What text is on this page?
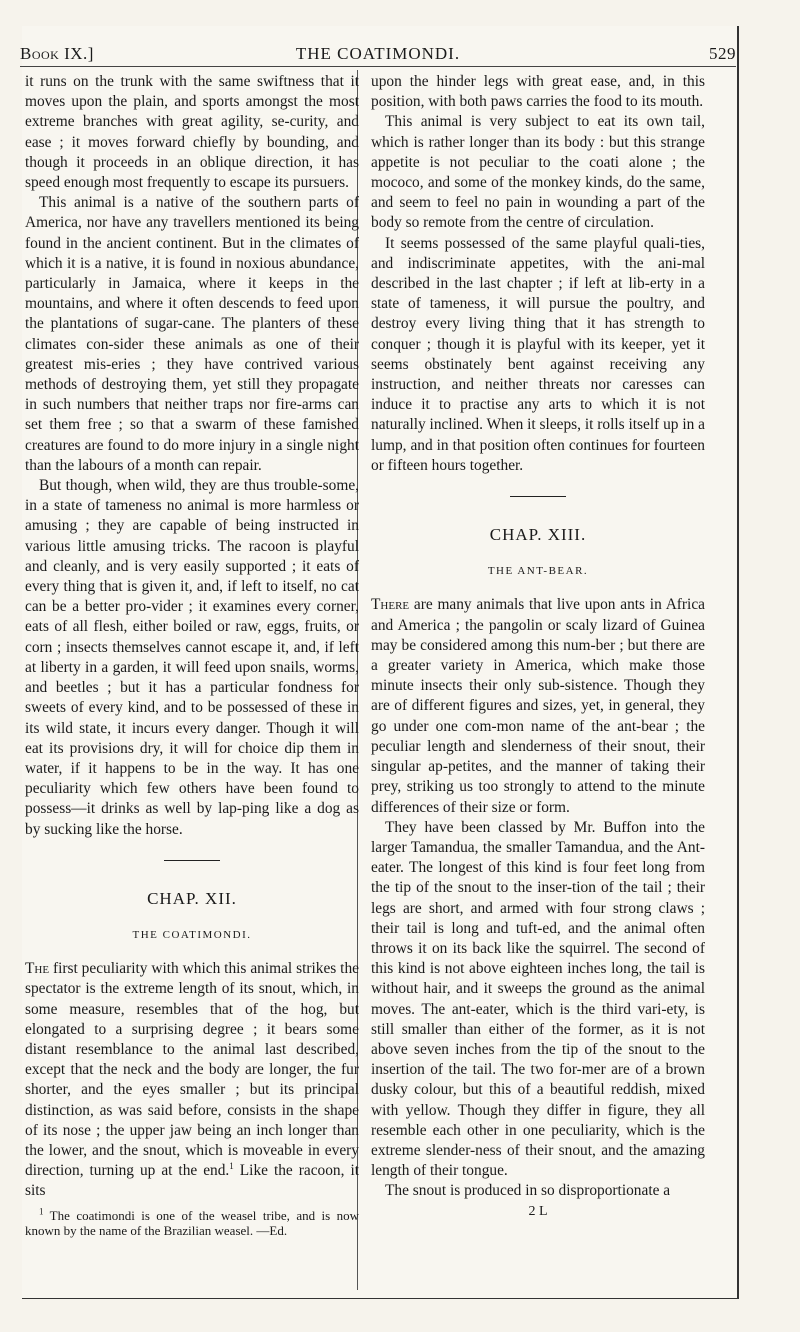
Book IX.]	THE COATIMONDI.	529

it runs on the trunk with the same swiftness that it moves upon the plain, and sports amongst the most extreme branches with great agility, se-curity, and ease ; it moves forward chiefly by bounding, and though it proceeds in an oblique direction, it has speed enough most frequently to escape its pursuers.

This animal is a native of the southern parts of America, nor have any travellers mentioned its being found in the ancient continent. But in the climates of which it is a native, it is found in noxious abundance, particularly in Jamaica, where it keeps in the mountains, and where it often descends to feed upon the plantations of sugar-cane. The planters of these climates con-sider these animals as one of their greatest mis-eries ; they have contrived various methods of destroying them, yet still they propagate in such numbers that neither traps nor fire-arms can set them free ; so that a swarm of these famished creatures are found to do more injury in a single night than the labours of a month can repair.

But though, when wild, they are thus trouble-some, in a state of tameness no animal is more harmless or amusing ; they are capable of being instructed in various little amusing tricks. The racoon is playful and cleanly, and is very easily supported ; it eats of every thing that is given it, and, if left to itself, no cat can be a better pro-vider ; it examines every corner, eats of all flesh, either boiled or raw, eggs, fruits, or corn ; insects themselves cannot escape it, and, if left at liberty in a garden, it will feed upon snails, worms, and beetles ; but it has a particular fondness for sweets of every kind, and to be possessed of these in its wild state, it incurs every danger. Though it will eat its provisions dry, it will for choice dip them in water, if it happens to be in the way. It has one peculiarity which few others have been found to possess—it drinks as well by lap-ping like a dog as by sucking like the horse.

CHAP. XII.
THE COATIMONDI.

The first peculiarity with which this animal strikes the spectator is the extreme length of its snout, which, in some measure, resembles that of the hog, but elongated to a surprising degree ; it bears some distant resemblance to the animal last described, except that the neck and the body are longer, the fur shorter, and the eyes smaller ; but its principal distinction, as was said before, consists in the shape of its nose ; the upper jaw being an inch longer than the lower, and the snout, which is moveable in every direction, turning up at the end.$^1$ Like the racoon, it sits

$^1$ The coatimondi is one of the weasel tribe, and is now known by the name of the Brazilian weasel. —Ed.

upon the hinder legs with great ease, and, in this position, with both paws carries the food to its mouth.

This animal is very subject to eat its own tail, which is rather longer than its body : but this strange appetite is not peculiar to the coati alone ; the mococo, and some of the monkey kinds, do the same, and seem to feel no pain in wounding a part of the body so remote from the centre of circulation.

It seems possessed of the same playful quali-ties, and indiscriminate appetites, with the ani-mal described in the last chapter ; if left at lib-erty in a state of tameness, it will pursue the poultry, and destroy every living thing that it has strength to conquer ; though it is playful with its keeper, yet it seems obstinately bent against receiving any instruction, and neither threats nor caresses can induce it to practise any arts to which it is not naturally inclined. When it sleeps, it rolls itself up in a lump, and in that position often continues for fourteen or fifteen hours together.

CHAP. XIII.
THE ANT-BEAR.

There are many animals that live upon ants in Africa and America ; the pangolin or scaly lizard of Guinea may be considered among this num-ber ; but there are a greater variety in America, which make those minute insects their only sub-sistence. Though they are of different figures and sizes, yet, in general, they go under one com-mon name of the ant-bear ; the peculiar length and slenderness of their snout, their singular ap-petites, and the manner of taking their prey, striking us too strongly to attend to the minute differences of their size or form.

They have been classed by Mr. Buffon into the larger Tamandua, the smaller Tamandua, and the Ant-eater. The longest of this kind is four feet long from the tip of the snout to the inser-tion of the tail ; their legs are short, and armed with four strong claws ; their tail is long and tuft-ed, and the animal often throws it on its back like the squirrel. The second of this kind is not above eighteen inches long, the tail is without hair, and it sweeps the ground as the animal moves. The ant-eater, which is the third vari-ety, is still smaller than either of the former, as it is not above seven inches from the tip of the snout to the insertion of the tail. The two for-mer are of a brown dusky colour, but this of a beautiful reddish, mixed with yellow. Though they differ in figure, they all resemble each other in one peculiarity, which is the extreme slender-ness of their snout, and the amazing length of their tongue.

The snout is produced in so disproportionate a

2 L
